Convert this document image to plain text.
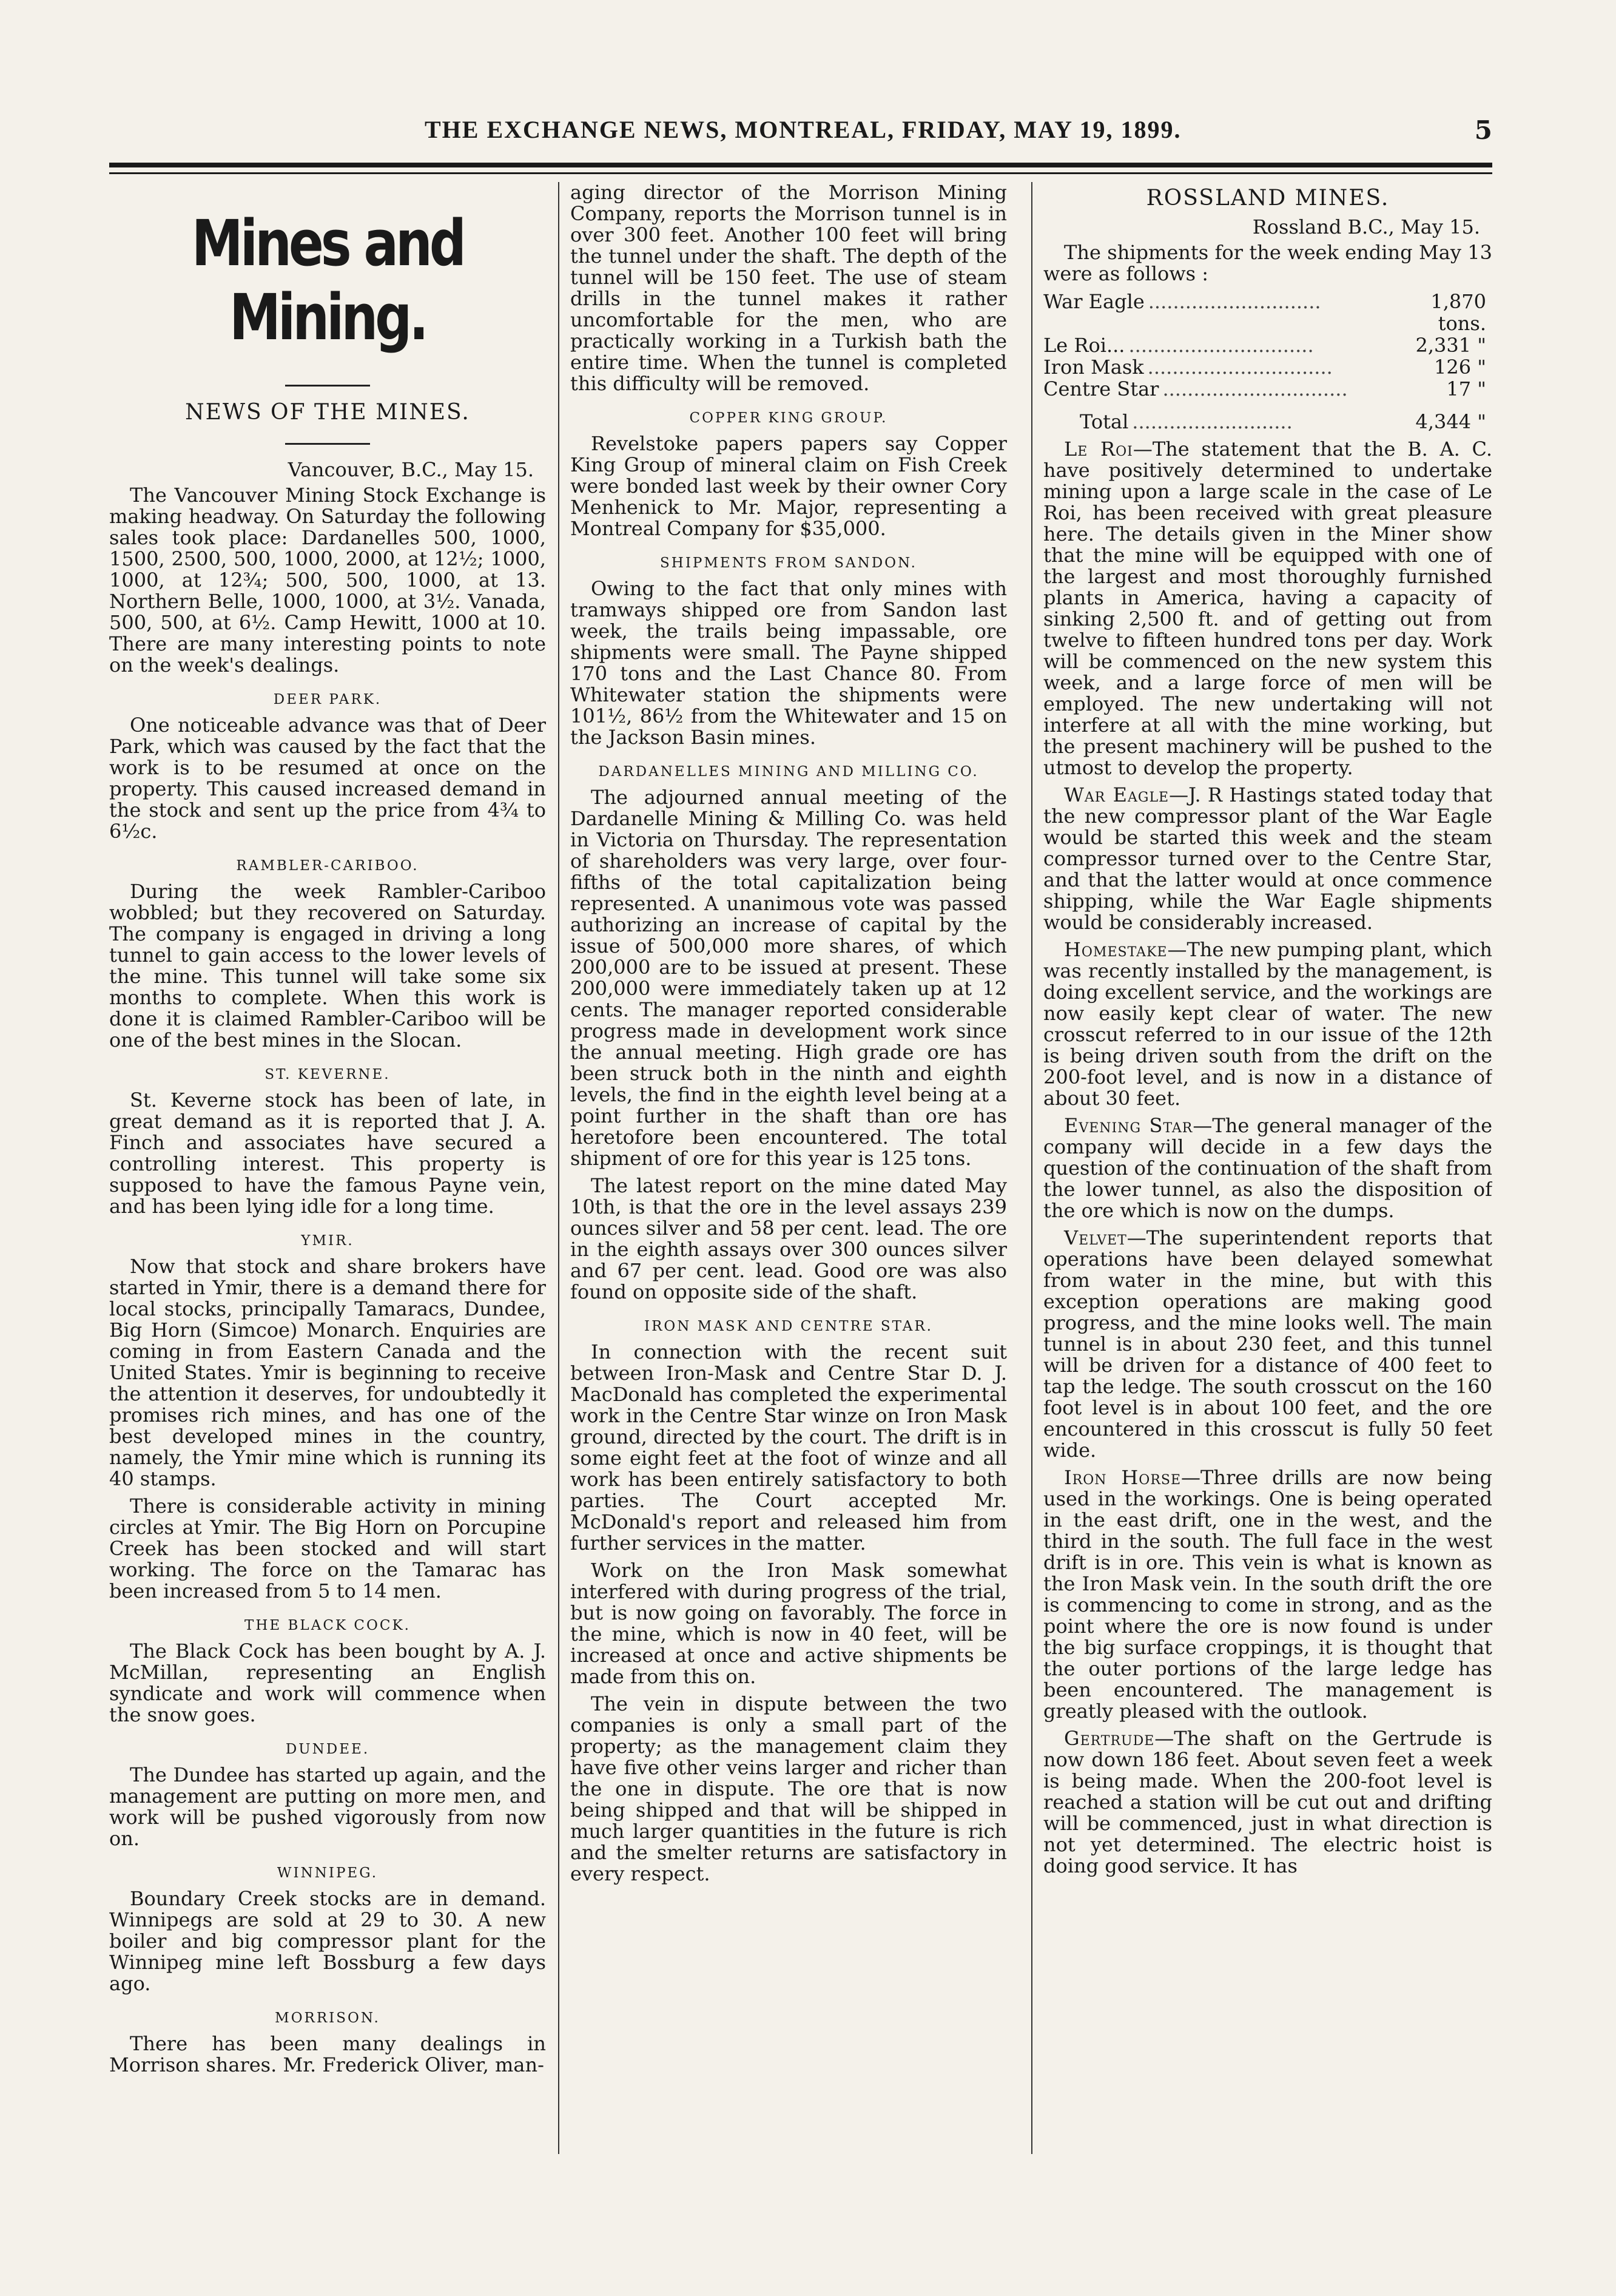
THE EXCHANGE NEWS, MONTREAL, FRIDAY, MAY 19, 1899.	5
Mines and Mining.
NEWS OF THE MINES.
Vancouver, B.C., May 15.

The Vancouver Mining Stock Exchange is making headway. On Saturday the following sales took place: Dardanelles 500, 1000, 1500, 2500, 500, 1000, 2000, at 12½; 1000, 1000, at 12¾; 500, 500, 1000, at 13. Northern Belle, 1000, 1000, at 3½. Vanada, 500, 500, at 6½. Camp Hewitt, 1000 at 10. There are many interesting points to note on the week's dealings.

DEER PARK.

One noticeable advance was that of Deer Park, which was caused by the fact that the work is to be resumed at once on the property. This caused increased demand in the stock and sent up the price from 4¾ to 6½c.

RAMBLER-CARIBOO.

During the week Rambler-Cariboo wobbled; but they recovered on Saturday. The company is engaged in driving a long tunnel to gain access to the lower levels of the mine. This tunnel will take some six months to complete. When this work is done it is claimed Rambler-Cariboo will be one of the best mines in the Slocan.

ST. KEVERNE.

St. Keverne stock has been of late, in great demand as it is reported that J. A. Finch and associates have secured a controlling interest. This property is supposed to have the famous Payne vein, and has been lying idle for a long time.

YMIR.

Now that stock and share brokers have started in Ymir, there is a demand there for local stocks, principally Tamaracs, Dundee, Big Horn (Simcoe) Monarch. Enquiries are coming in from Eastern Canada and the United States. Ymir is beginning to receive the attention it deserves, for undoubtedly it promises rich mines, and has one of the best developed mines in the country, namely, the Ymir mine which is running its 40 stamps.

There is considerable activity in mining circles at Ymir. The Big Horn on Porcupine Creek has been stocked and will start working. The force on the Tamarac has been increased from 5 to 14 men.

THE BLACK COCK.

The Black Cock has been bought by A. J. McMillan, representing an English syndicate and work will commence when the snow goes.

DUNDEE.

The Dundee has started up again, and the management are putting on more men, and work will be pushed vigorously from now on.

WINNIPEG.

Boundary Creek stocks are in demand. Winnipegs are sold at 29 to 30. A new boiler and big compressor plant for the Winnipeg mine left Bossburg a few days ago.

MORRISON.

There has been many dealings in Morrison shares. Mr. Frederick Oliver, man-

aging director of the Morrison Mining Company, reports the Morrison tunnel is in over 300 feet. Another 100 feet will bring the tunnel under the shaft. The depth of the tunnel will be 150 feet. The use of steam drills in the tunnel makes it rather uncomfortable for the men, who are practically working in a Turkish bath the entire time. When the tunnel is completed this difficulty will be removed.

COPPER KING GROUP.

Revelstoke papers papers say Copper King Group of mineral claim on Fish Creek were bonded last week by their owner Cory Menhenick to Mr. Major, representing a Montreal Company for $35,000.

SHIPMENTS FROM SANDON.

Owing to the fact that only mines with tramways shipped ore from Sandon last week, the trails being impassable, ore shipments were small. The Payne shipped 170 tons and the Last Chance 80. From Whitewater station the shipments were 101½, 86½ from the Whitewater and 15 on the Jackson Basin mines.

DARDANELLES MINING AND MILLING CO.

The adjourned annual meeting of the Dardanelle Mining & Milling Co. was held in Victoria on Thursday. The representation of shareholders was very large, over four-fifths of the total capitalization being represented. A unanimous vote was passed authorizing an increase of capital by the issue of 500,000 more shares, of which 200,000 are to be issued at present. These 200,000 were immediately taken up at 12 cents. The manager reported considerable progress made in development work since the annual meeting. High grade ore has been struck both in the ninth and eighth levels, the find in the eighth level being at a point further in the shaft than ore has heretofore been encountered. The total shipment of ore for this year is 125 tons.

The latest report on the mine dated May 10th, is that the ore in the level assays 239 ounces silver and 58 per cent. lead. The ore in the eighth assays over 300 ounces silver and 67 per cent. lead. Good ore was also found on opposite side of the shaft.

IRON MASK AND CENTRE STAR.

In connection with the recent suit between Iron-Mask and Centre Star D. J. MacDonald has completed the experimental work in the Centre Star winze on Iron Mask ground, directed by the court. The drift is in some eight feet at the foot of winze and all work has been entirely satisfactory to both parties. The Court accepted Mr. McDonald's report and released him from further services in the matter.

Work on the Iron Mask somewhat interfered with during progress of the trial, but is now going on favorably. The force in the mine, which is now in 40 feet, will be increased at once and active shipments be made from this on.

The vein in dispute between the two companies is only a small part of the property; as the management claim they have five other veins larger and richer than the one in dispute. The ore that is now being shipped and that will be shipped in much larger quantities in the future is rich and the smelter returns are satisfactory in every respect.

ROSSLAND MINES.
Rossland B.C., May 15.

The shipments for the week ending May 13 were as follows :

War Eagle ............................	1,870 tons.
Le Roi... ..............................	2,331 "
Iron Mask ..............................	126 "
Centre Star ..............................	17 "
Total ..........................	4,344 "

Le Roi—The statement that the B. A. C. have positively determined to undertake mining upon a large scale in the case of Le Roi, has been received with great pleasure here. The details given in the Miner show that the mine will be equipped with one of the largest and most thoroughly furnished plants in America, having a capacity of sinking 2,500 ft. and of getting out from twelve to fifteen hundred tons per day. Work will be commenced on the new system this week, and a large force of men will be employed. The new undertaking will not interfere at all with the mine working, but the present machinery will be pushed to the utmost to develop the property.

War Eagle—J. R Hastings stated today that the new compressor plant of the War Eagle would be started this week and the steam compressor turned over to the Centre Star, and that the latter would at once commence shipping, while the War Eagle shipments would be considerably increased.

Homestake—The new pumping plant, which was recently installed by the management, is doing excellent service, and the workings are now easily kept clear of water. The new crosscut referred to in our issue of the 12th is being driven south from the drift on the 200-foot level, and is now in a distance of about 30 feet.

Evening Star—The general manager of the company will decide in a few days the question of the continuation of the shaft from the lower tunnel, as also the disposition of the ore which is now on the dumps.

Velvet—The superintendent reports that operations have been delayed somewhat from water in the mine, but with this exception operations are making good progress, and the mine looks well. The main tunnel is in about 230 feet, and this tunnel will be driven for a distance of 400 feet to tap the ledge. The south crosscut on the 160 foot level is in about 100 feet, and the ore encountered in this crosscut is fully 50 feet wide.

Iron Horse—Three drills are now being used in the workings. One is being operated in the east drift, one in the west, and the third in the south. The full face in the west drift is in ore. This vein is what is known as the Iron Mask vein. In the south drift the ore is commencing to come in strong, and as the point where the ore is now found is under the big surface croppings, it is thought that the outer portions of the large ledge has been encountered. The management is greatly pleased with the outlook.

Gertrude—The shaft on the Gertrude is now down 186 feet. About seven feet a week is being made. When the 200-foot level is reached a station will be cut out and drifting will be commenced, just in what direction is not yet determined. The electric hoist is doing good service. It has
